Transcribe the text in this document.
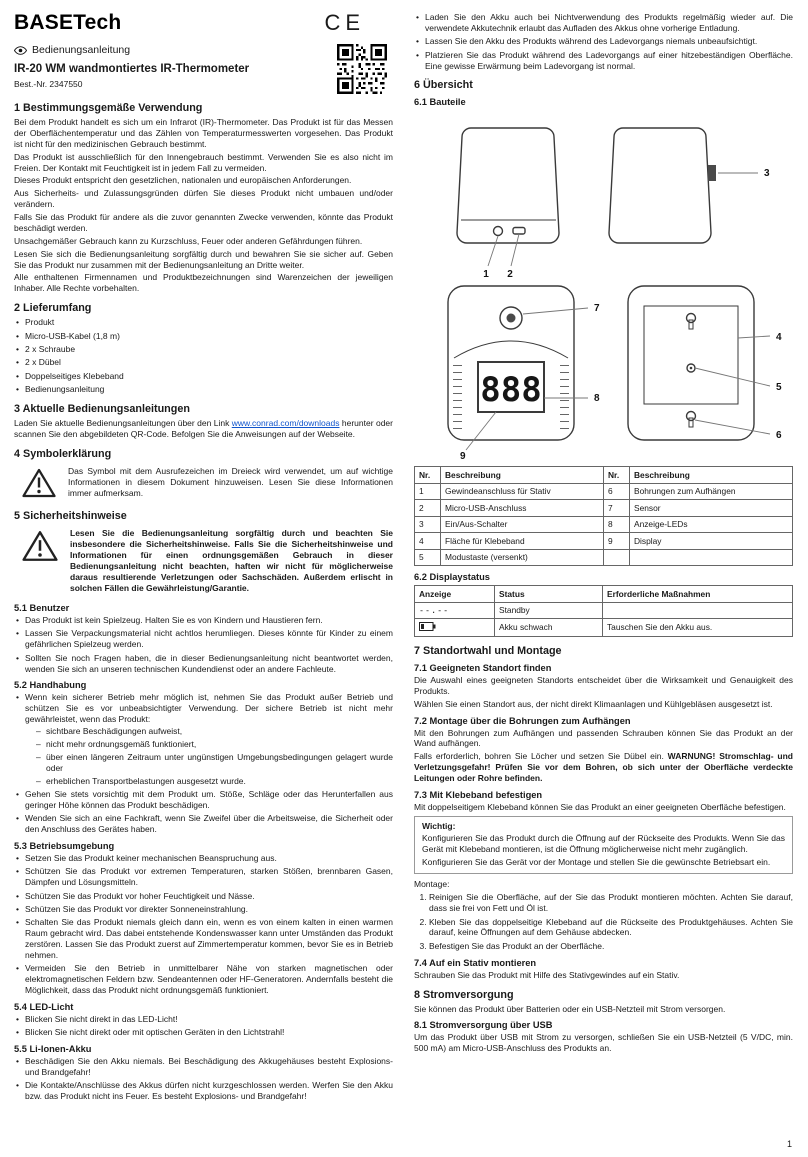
BASETech	CE
Bedienungsanleitung
IR-20 WM wandmontiertes IR-Thermometer
Best.-Nr. 2347550
1 Bestimmungsgemäße Verwendung

Bei dem Produkt handelt es sich um ein Infrarot (IR)-Thermometer. Das Produkt ist für das Messen der Oberflächentemperatur und das Zählen von Temperaturmesswerten vorgesehen. Das Produkt ist nicht für den medizinischen Gebrauch bestimmt.

Das Produkt ist ausschließlich für den Innengebrauch bestimmt. Verwenden Sie es also nicht im Freien. Der Kontakt mit Feuchtigkeit ist in jedem Fall zu vermeiden.

Dieses Produkt entspricht den gesetzlichen, nationalen und europäischen Anforderungen.

Aus Sicherheits- und Zulassungsgründen dürfen Sie dieses Produkt nicht umbauen und/oder verändern.

Falls Sie das Produkt für andere als die zuvor genannten Zwecke verwenden, könnte das Produkt beschädigt werden.

Unsachgemäßer Gebrauch kann zu Kurzschluss, Feuer oder anderen Gefährdungen führen.

Lesen Sie sich die Bedienungsanleitung sorgfältig durch und bewahren Sie sie sicher auf. Geben Sie das Produkt nur zusammen mit der Bedienungsanleitung an Dritte weiter.

Alle enthaltenen Firmennamen und Produktbezeichnungen sind Warenzeichen der jeweiligen Inhaber. Alle Rechte vorbehalten.

2 Lieferumfang
• Produkt
• Micro-USB-Kabel (1,8 m)
• 2 x Schraube
• 2 x Dübel
• Doppelseitiges Klebeband
• Bedienungsanleitung
3 Aktuelle Bedienungsanleitungen

Laden Sie aktuelle Bedienungsanleitungen über den Link www.conrad.com/downloads herunter oder scannen Sie den abgebildeten QR-Code. Befolgen Sie die Anweisungen auf der Webseite.

4 Symbolerklärung
Das Symbol mit dem Ausrufezeichen im Dreieck wird verwendet, um auf wichtige Informationen in diesem Dokument hinzuweisen. Lesen Sie diese Informationen immer aufmerksam.
5 Sicherheitshinweise
Lesen Sie die Bedienungsanleitung sorgfältig durch und beachten Sie insbesondere die Sicherheitshinweise. Falls Sie die Sicherheitshinweise und Informationen für einen ordnungsgemäßen Gebrauch in dieser Bedienungsanleitung nicht beachten, haften wir nicht für möglicherweise daraus resultierende Verletzungen oder Sachschäden. Außerdem erlischt in solchen Fällen die Gewährleistung/Garantie.
5.1 Benutzer
• Das Produkt ist kein Spielzeug. Halten Sie es von Kindern und Haustieren fern.
• Lassen Sie Verpackungsmaterial nicht achtlos herumliegen. Dieses könnte für Kinder zu einem gefährlichen Spielzeug werden.
• Sollten Sie noch Fragen haben, die in dieser Bedienungsanleitung nicht beantwortet werden, wenden Sie sich an unseren technischen Kundendienst oder an andere Fachleute.
5.2 Handhabung
• Wenn kein sicherer Betrieb mehr möglich ist, nehmen Sie das Produkt außer Betrieb und schützen Sie es vor unbeabsichtigter Verwendung. Der sichere Betrieb ist nicht mehr gewährleistet, wenn das Produkt:
– sichtbare Beschädigungen aufweist,
– nicht mehr ordnungsgemäß funktioniert,
– über einen längeren Zeitraum unter ungünstigen Umgebungsbedingungen gelagert wurde oder
– erheblichen Transportbelastungen ausgesetzt wurde.
• Gehen Sie stets vorsichtig mit dem Produkt um. Stöße, Schläge oder das Herunterfallen aus geringer Höhe können das Produkt beschädigen.
• Wenden Sie sich an eine Fachkraft, wenn Sie Zweifel über die Arbeitsweise, die Sicherheit oder den Anschluss des Gerätes haben.
5.3 Betriebsumgebung
• Setzen Sie das Produkt keiner mechanischen Beanspruchung aus.
• Schützen Sie das Produkt vor extremen Temperaturen, starken Stößen, brennbaren Gasen, Dämpfen und Lösungsmitteln.
• Schützen Sie das Produkt vor hoher Feuchtigkeit und Nässe.
• Schützen Sie das Produkt vor direkter Sonneneinstrahlung.
• Schalten Sie das Produkt niemals gleich dann ein, wenn es von einem kalten in einen warmen Raum gebracht wird. Das dabei entstehende Kondenswasser kann unter Umständen das Produkt zerstören. Lassen Sie das Produkt zuerst auf Zimmertemperatur kommen, bevor Sie es in Betrieb nehmen.
• Vermeiden Sie den Betrieb in unmittelbarer Nähe von starken magnetischen oder elektromagnetischen Feldern bzw. Sendeantennen oder HF-Generatoren. Andernfalls besteht die Möglichkeit, dass das Produkt nicht ordnungsgemäß funktioniert.
5.4 LED-Licht
• Blicken Sie nicht direkt in das LED-Licht!
• Blicken Sie nicht direkt oder mit optischen Geräten in den Lichtstrahl!
5.5 Li-Ionen-Akku
• Beschädigen Sie den Akku niemals. Bei Beschädigung des Akkugehäuses besteht Explosions- und Brandgefahr!
• Die Kontakte/Anschlüsse des Akkus dürfen nicht kurzgeschlossen werden. Werfen Sie den Akku bzw. das Produkt nicht ins Feuer. Es besteht Explosions- und Brandgefahr!
• Laden Sie den Akku auch bei Nichtverwendung des Produkts regelmäßig wieder auf. Die verwendete Akkutechnik erlaubt das Aufladen des Akkus ohne vorherige Entladung.
• Lassen Sie den Akku des Produkts während des Ladevorgangs niemals unbeaufsichtigt.
• Platzieren Sie das Produkt während des Ladevorgangs auf einer hitzebeständigen Oberfläche. Eine gewisse Erwärmung beim Ladevorgang ist normal.
6 Übersicht
6.1 Bauteile
888
1 2
3
4
5
6
7
8
9
Nr.	Beschreibung	Nr.	Beschreibung
1	Gewindeanschluss für Stativ	6	Bohrungen zum Aufhängen
2	Micro-USB-Anschluss	7	Sensor
3	Ein/Aus-Schalter	8	Anzeige-LEDs
4	Fläche für Klebeband	9	Display
5	Modustaste (versenkt)		
6.2 Displaystatus
Anzeige	Status	Erforderliche Maßnahmen
--.--	Standby	
	Akku schwach	Tauschen Sie den Akku aus.
7 Standortwahl und Montage
7.1 Geeigneten Standort finden

Die Auswahl eines geeigneten Standorts entscheidet über die Wirksamkeit und Genauigkeit des Produkts.

Wählen Sie einen Standort aus, der nicht direkt Klimaanlagen und Kühlgebläsen ausgesetzt ist.

7.2 Montage über die Bohrungen zum Aufhängen

Mit den Bohrungen zum Aufhängen und passenden Schrauben können Sie das Produkt an der Wand aufhängen.

Falls erforderlich, bohren Sie Löcher und setzen Sie Dübel ein. WARNUNG! Stromschlag- und Verletzungsgefahr! Prüfen Sie vor dem Bohren, ob sich unter der Oberfläche verdeckte Leitungen oder Rohre befinden.

7.3 Mit Klebeband befestigen

Mit doppelseitigem Klebeband können Sie das Produkt an einer geeigneten Oberfläche befestigen.

Wichtig:

Konfigurieren Sie das Produkt durch die Öffnung auf der Rückseite des Produkts. Wenn Sie das Gerät mit Klebeband montieren, ist die Öffnung möglicherweise nicht mehr zugänglich.

Konfigurieren Sie das Gerät vor der Montage und stellen Sie die gewünschte Betriebsart ein.

Montage:

1. Reinigen Sie die Oberfläche, auf der Sie das Produkt montieren möchten. Achten Sie darauf, dass sie frei von Fett und Öl ist.
2. Kleben Sie das doppelseitige Klebeband auf die Rückseite des Produktgehäuses. Achten Sie darauf, keine Öffnungen auf dem Gehäuse abdecken.
3. Befestigen Sie das Produkt an der Oberfläche.
7.4 Auf ein Stativ montieren

Schrauben Sie das Produkt mit Hilfe des Stativgewindes auf ein Stativ.

8 Stromversorgung

Sie können das Produkt über Batterien oder ein USB-Netzteil mit Strom versorgen.

8.1 Stromversorgung über USB

Um das Produkt über USB mit Strom zu versorgen, schließen Sie ein USB-Netzteil (5 V/DC, min. 500 mA) am Micro-USB-Anschluss des Produkts an.

1
